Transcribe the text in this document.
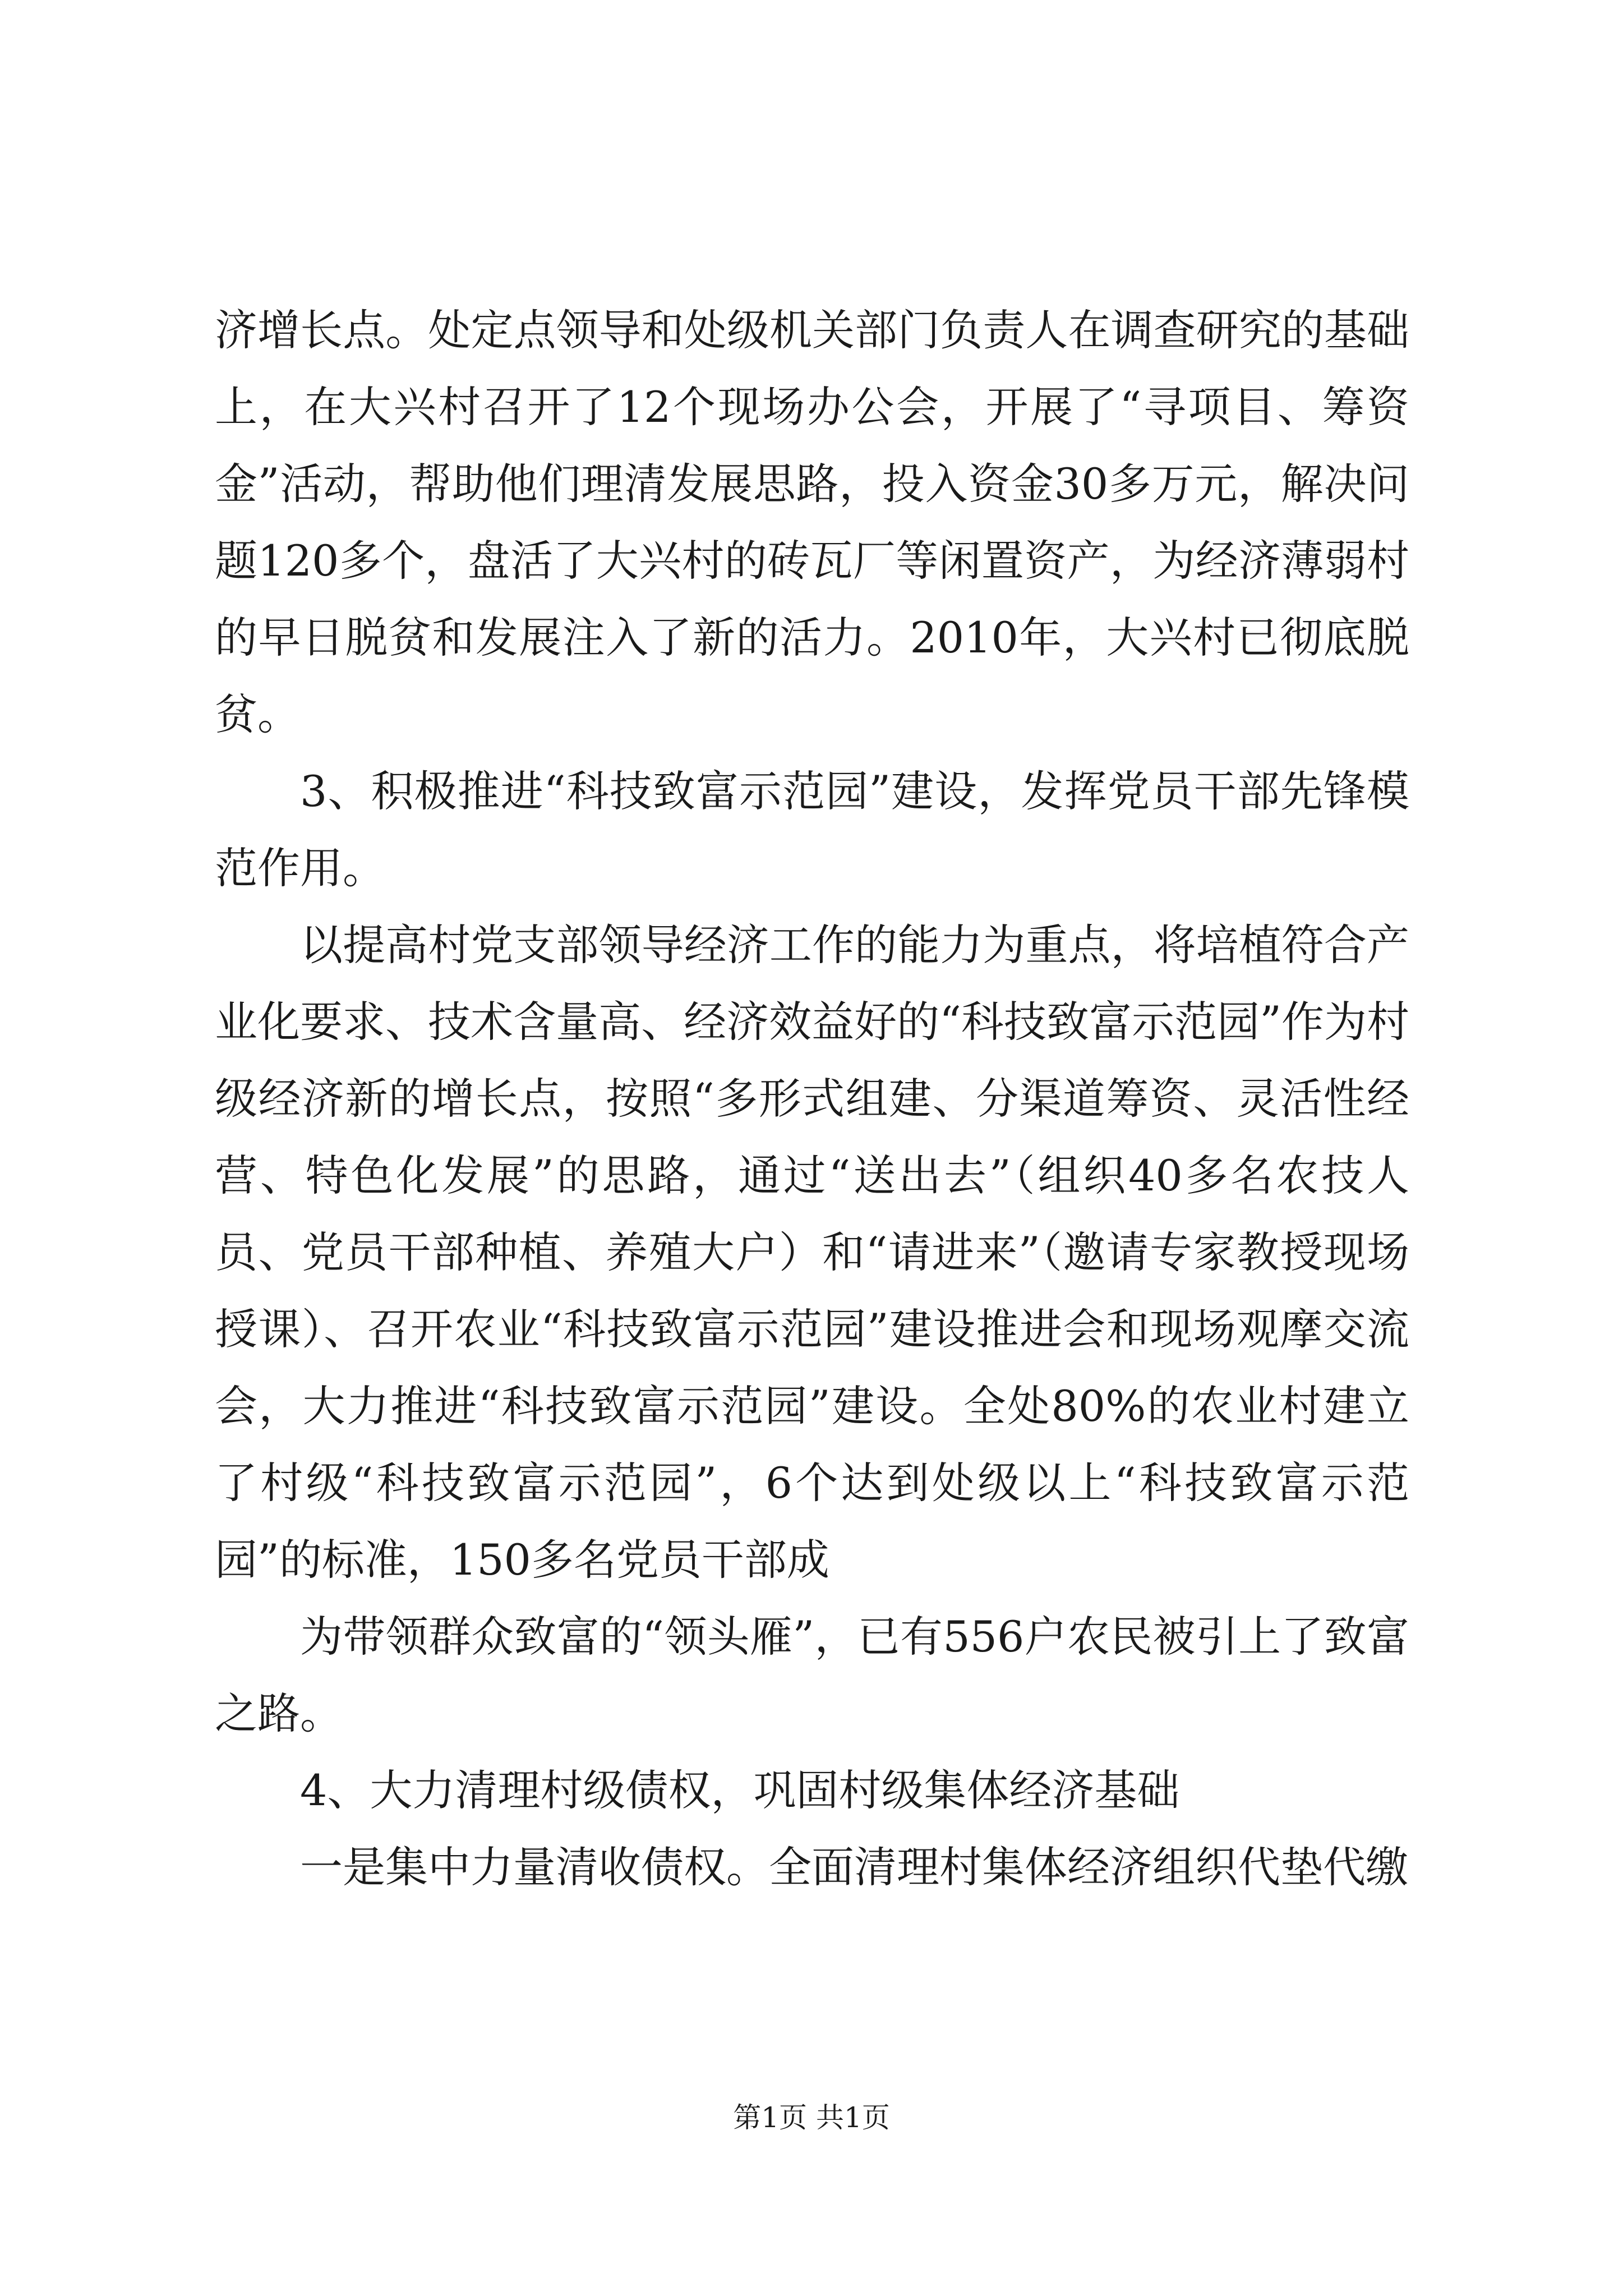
济增长点。处定点领导和处级机关部门负责人在调查研究的基础上，在大兴村召开了12个现场办公会，开展了“寻项目、筹资金”活动，帮助他们理清发展思路，投入资金30多万元，解决问题120多个，盘活了大兴村的砖瓦厂等闲置资产，为经济薄弱村的早日脱贫和发展注入了新的活力。2010年，大兴村已彻底脱贫。

3、积极推进“科技致富示范园”建设，发挥党员干部先锋模范作用。

以提高村党支部领导经济工作的能力为重点，将培植符合产业化要求、技术含量高、经济效益好的“科技致富示范园”作为村级经济新的增长点，按照“多形式组建、分渠道筹资、灵活性经营、特色化发展”的思路，通过“送出去”（组织40多名农技人员、党员干部种植、养殖大户）和“请进来”（邀请专家教授现场授课）、召开农业“科技致富示范园”建设推进会和现场观摩交流会，大力推进“科技致富示范园”建设。全处80%的农业村建立了村级“科技致富示范园”，6个达到处级以上“科技致富示范园”的标准，150多名党员干部成

为带领群众致富的“领头雁”，已有556户农民被引上了致富之路。

4、大力清理村级债权，巩固村级集体经济基础

一是集中力量清收债权。全面清理村集体经济组织代垫代缴

第1页 共1页
